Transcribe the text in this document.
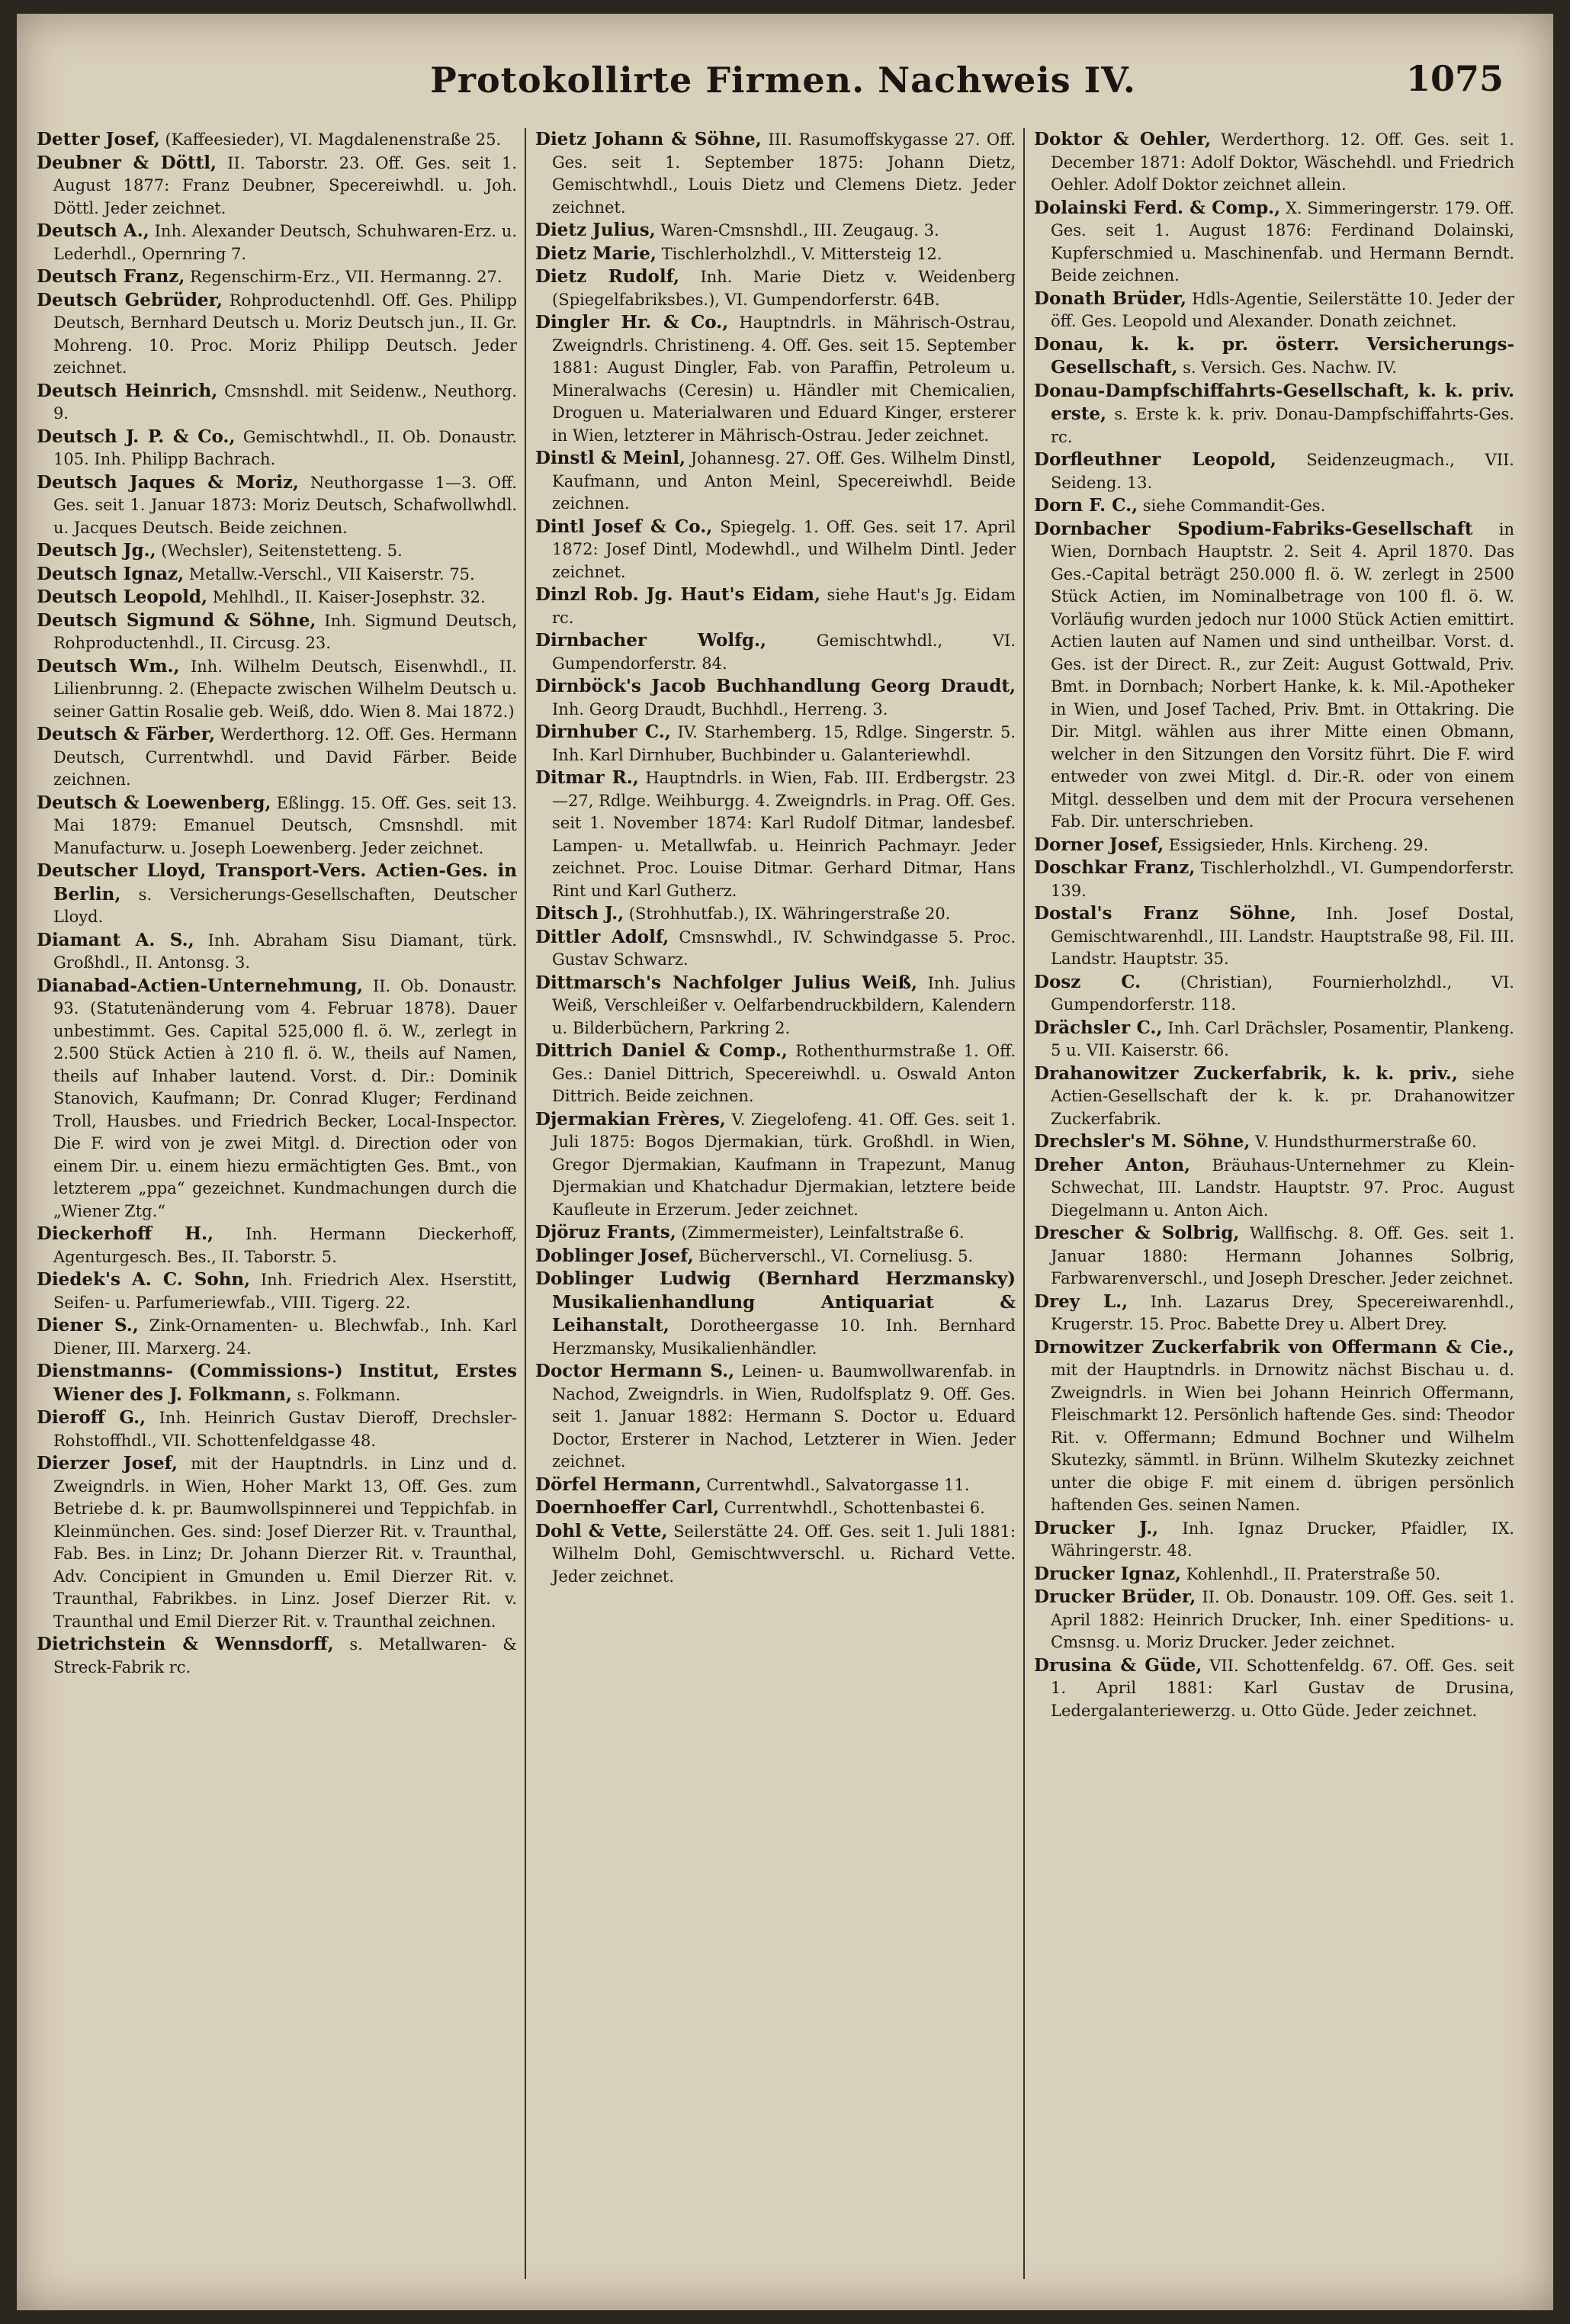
Protokollirte Firmen. Nachweis IV.	1075

Detter Josef, (Kaffeesieder), VI. Magdalenenstraße 25.

Deubner & Döttl, II. Taborstr. 23. Off. Ges. seit 1. August 1877: Franz Deubner, Specereiwhdl. u. Joh. Döttl. Jeder zeichnet.

Deutsch A., Inh. Alexander Deutsch, Schuhwaren-Erz. u. Lederhdl., Opernring 7.

Deutsch Franz, Regenschirm-Erz., VII. Hermanng. 27.

Deutsch Gebrüder, Rohproductenhdl. Off. Ges. Philipp Deutsch, Bernhard Deutsch u. Moriz Deutsch jun., II. Gr. Mohreng. 10. Proc. Moriz Philipp Deutsch. Jeder zeichnet.

Deutsch Heinrich, Cmsnshdl. mit Seidenw., Neuthorg. 9.

Deutsch J. P. & Co., Gemischtwhdl., II. Ob. Donaustr. 105. Inh. Philipp Bachrach.

Deutsch Jaques & Moriz, Neuthorgasse 1—3. Off. Ges. seit 1. Januar 1873: Moriz Deutsch, Schafwollwhdl. u. Jacques Deutsch. Beide zeichnen.

Deutsch Jg., (Wechsler), Seitenstetteng. 5.

Deutsch Ignaz, Metallw.-Verschl., VII Kaiserstr. 75.

Deutsch Leopold, Mehlhdl., II. Kaiser-Josephstr. 32.

Deutsch Sigmund & Söhne, Inh. Sigmund Deutsch, Rohproductenhdl., II. Circusg. 23.

Deutsch Wm., Inh. Wilhelm Deutsch, Eisenwhdl., II. Lilienbrunng. 2. (Ehepacte zwischen Wilhelm Deutsch u. seiner Gattin Rosalie geb. Weiß, ddo. Wien 8. Mai 1872.)

Deutsch & Färber, Werderthorg. 12. Off. Ges. Hermann Deutsch, Currentwhdl. und David Färber. Beide zeichnen.

Deutsch & Loewenberg, Eßlingg. 15. Off. Ges. seit 13. Mai 1879: Emanuel Deutsch, Cmsnshdl. mit Manufacturw. u. Joseph Loewenberg. Jeder zeichnet.

Deutscher Lloyd, Transport-Vers. Actien-Ges. in Berlin, s. Versicherungs-Gesellschaften, Deutscher Lloyd.

Diamant A. S., Inh. Abraham Sisu Diamant, türk. Großhdl., II. Antonsg. 3.

Dianabad-Actien-Unternehmung, II. Ob. Donaustr. 93. (Statutenänderung vom 4. Februar 1878). Dauer unbestimmt. Ges. Capital 525,000 fl. ö. W., zerlegt in 2.500 Stück Actien à 210 fl. ö. W., theils auf Namen, theils auf Inhaber lautend. Vorst. d. Dir.: Dominik Stanovich, Kaufmann; Dr. Conrad Kluger; Ferdinand Troll, Hausbes. und Friedrich Becker, Local-Inspector. Die F. wird von je zwei Mitgl. d. Direction oder von einem Dir. u. einem hiezu ermächtigten Ges. Bmt., von letzterem „ppa“ gezeichnet. Kundmachungen durch die „Wiener Ztg.“

Dieckerhoff H., Inh. Hermann Dieckerhoff, Agenturgesch. Bes., II. Taborstr. 5.

Diedek's A. C. Sohn, Inh. Friedrich Alex. Hserstitt, Seifen- u. Parfumeriewfab., VIII. Tigerg. 22.

Diener S., Zink-Ornamenten- u. Blechwfab., Inh. Karl Diener, III. Marxerg. 24.

Dienstmanns- (Commissions-) Institut, Erstes Wiener des J. Folkmann, s. Folkmann.

Dieroff G., Inh. Heinrich Gustav Dieroff, Drechsler-Rohstoffhdl., VII. Schottenfeldgasse 48.

Dierzer Josef, mit der Hauptndrls. in Linz und d. Zweigndrls. in Wien, Hoher Markt 13, Off. Ges. zum Betriebe d. k. pr. Baumwollspinnerei und Teppichfab. in Kleinmünchen. Ges. sind: Josef Dierzer Rit. v. Traunthal, Fab. Bes. in Linz; Dr. Johann Dierzer Rit. v. Traunthal, Adv. Concipient in Gmunden u. Emil Dierzer Rit. v. Traunthal, Fabrikbes. in Linz. Josef Dierzer Rit. v. Traunthal und Emil Dierzer Rit. v. Traunthal zeichnen.

Dietrichstein & Wennsdorff, s. Metallwaren- & Streck-Fabrik rc.

Dietz Johann & Söhne, III. Rasumoffskygasse 27. Off. Ges. seit 1. September 1875: Johann Dietz, Gemischtwhdl., Louis Dietz und Clemens Dietz. Jeder zeichnet.

Dietz Julius, Waren-Cmsnshdl., III. Zeugaug. 3.

Dietz Marie, Tischlerholzhdl., V. Mittersteig 12.

Dietz Rudolf, Inh. Marie Dietz v. Weidenberg (Spiegelfabriksbes.), VI. Gumpendorferstr. 64B.

Dingler Hr. & Co., Hauptndrls. in Mährisch-Ostrau, Zweigndrls. Christineng. 4. Off. Ges. seit 15. September 1881: August Dingler, Fab. von Paraffin, Petroleum u. Mineralwachs (Ceresin) u. Händler mit Chemicalien, Droguen u. Materialwaren und Eduard Kinger, ersterer in Wien, letzterer in Mährisch-Ostrau. Jeder zeichnet.

Dinstl & Meinl, Johannesg. 27. Off. Ges. Wilhelm Dinstl, Kaufmann, und Anton Meinl, Specereiwhdl. Beide zeichnen.

Dintl Josef & Co., Spiegelg. 1. Off. Ges. seit 17. April 1872: Josef Dintl, Modewhdl., und Wilhelm Dintl. Jeder zeichnet.

Dinzl Rob. Jg. Haut's Eidam, siehe Haut's Jg. Eidam rc.

Dirnbacher Wolfg.,	Gemischtwhdl., VI. Gumpendorferstr. 84.

Dirnböck's Jacob Buchhandlung Georg Draudt, Inh. Georg Draudt, Buchhdl., Herreng. 3.

Dirnhuber C., IV. Starhemberg. 15, Rdlge. Singerstr. 5. Inh. Karl Dirnhuber, Buchbinder u. Galanteriewhdl.

Ditmar R., Hauptndrls. in Wien, Fab. III. Erdbergstr. 23—27, Rdlge. Weihburgg. 4. Zweigndrls. in Prag. Off. Ges. seit 1. November 1874: Karl Rudolf Ditmar, landesbef. Lampen- u. Metallwfab. u. Heinrich Pachmayr. Jeder zeichnet. Proc. Louise Ditmar. Gerhard Ditmar, Hans Rint und Karl Gutherz.

Ditsch J., (Strohhutfab.), IX. Währingerstraße 20.

Dittler Adolf, Cmsnswhdl., IV. Schwindgasse 5. Proc. Gustav Schwarz.

Dittmarsch's Nachfolger Julius Weiß, Inh. Julius Weiß, Verschleißer v. Oelfarbendruckbildern, Kalendern u. Bilderbüchern, Parkring 2.

Dittrich Daniel & Comp., Rothenthurmstraße 1. Off. Ges.: Daniel Dittrich, Specereiwhdl. u. Oswald Anton Dittrich. Beide zeichnen.

Djermakian Frères, V. Ziegelofeng. 41. Off. Ges. seit 1. Juli 1875: Bogos Djermakian, türk. Großhdl. in Wien, Gregor Djermakian, Kaufmann in Trapezunt, Manug Djermakian und Khatchadur Djermakian, letztere beide Kaufleute in Erzerum. Jeder zeichnet.

Djöruz Frants, (Zimmermeister), Leinfaltstraße 6.

Doblinger Josef, Bücherverschl., VI. Corneliusg. 5.

Doblinger Ludwig (Bernhard Herzmansky) Musikalienhandlung Antiquariat & Leihanstalt, Dorotheergasse 10. Inh. Bernhard Herzmansky, Musikalienhändler.

Doctor Hermann S., Leinen- u. Baumwollwarenfab. in Nachod, Zweigndrls. in Wien, Rudolfsplatz 9. Off. Ges. seit 1. Januar 1882: Hermann S. Doctor u. Eduard Doctor, Ersterer in Nachod, Letzterer in Wien. Jeder zeichnet.

Dörfel Hermann, Currentwhdl., Salvatorgasse 11.

Doernhoeffer Carl, Currentwhdl., Schottenbastei 6.

Dohl & Vette, Seilerstätte 24. Off. Ges. seit 1. Juli 1881: Wilhelm Dohl, Gemischtwverschl. u. Richard Vette. Jeder zeichnet.

Doktor & Oehler, Werderthorg. 12. Off. Ges. seit 1. December 1871: Adolf Doktor, Wäschehdl. und Friedrich Oehler. Adolf Doktor zeichnet allein.

Dolainski Ferd. & Comp., X. Simmeringerstr. 179. Off. Ges. seit 1. August 1876: Ferdinand Dolainski, Kupferschmied u. Maschinenfab. und Hermann Berndt. Beide zeichnen.

Donath Brüder, Hdls-Agentie, Seilerstätte 10. Jeder der öff. Ges. Leopold und Alexander. Donath zeichnet.

Donau, k. k. pr. österr. Versicherungs-Gesellschaft, s. Versich. Ges. Nachw. IV.

Donau-Dampfschiffahrts-Gesellschaft, k. k. priv. erste, s. Erste k. k. priv. Donau-Dampfschiffahrts-Ges. rc.

Dorfleuthner Leopold, Seidenzeugmach., VII. Seideng. 13.

Dorn F. C., siehe Commandit-Ges.

Dornbacher Spodium-Fabriks-Gesellschaft in Wien, Dornbach Hauptstr. 2. Seit 4. April 1870. Das Ges.-Capital beträgt 250.000 fl. ö. W. zerlegt in 2500 Stück Actien, im Nominalbetrage von 100 fl. ö. W. Vorläufig wurden jedoch nur 1000 Stück Actien emittirt. Actien lauten auf Namen und sind untheilbar. Vorst. d. Ges. ist der Direct. R., zur Zeit: August Gottwald, Priv. Bmt. in Dornbach; Norbert Hanke, k. k. Mil.-Apotheker in Wien, und Josef Tached, Priv. Bmt. in Ottakring. Die Dir. Mitgl. wählen aus ihrer Mitte einen Obmann, welcher in den Sitzungen den Vorsitz führt. Die F. wird entweder von zwei Mitgl. d. Dir.-R. oder von einem Mitgl. desselben und dem mit der Procura versehenen Fab. Dir. unterschrieben.

Dorner Josef, Essigsieder, Hnls. Kircheng. 29.

Doschkar Franz, Tischlerholzhdl., VI. Gumpendorferstr. 139.

Dostal's Franz Söhne, Inh. Josef Dostal, Gemischtwarenhdl., III. Landstr. Hauptstraße 98, Fil. III. Landstr. Hauptstr. 35.

Dosz C. (Christian), Fournierholzhdl., VI. Gumpendorferstr. 118.

Drächsler C., Inh. Carl Drächsler, Posamentir, Plankeng. 5 u. VII. Kaiserstr. 66.

Drahanowitzer Zuckerfabrik, k. k. priv., siehe Actien-Gesellschaft der k. k. pr. Drahanowitzer Zuckerfabrik.

Drechsler's M. Söhne, V. Hundsthurmerstraße 60.

Dreher Anton, Bräuhaus-Unternehmer zu Klein-Schwechat, III. Landstr. Hauptstr. 97. Proc. August Diegelmann u. Anton Aich.

Drescher & Solbrig, Wallfischg. 8. Off. Ges. seit 1. Januar 1880: Hermann Johannes Solbrig, Farbwarenverschl., und Joseph Drescher. Jeder zeichnet.

Drey L., Inh. Lazarus Drey, Specereiwarenhdl., Krugerstr. 15. Proc. Babette Drey u. Albert Drey.

Drnowitzer Zuckerfabrik von Offermann & Cie., mit der Hauptndrls. in Drnowitz nächst Bischau u. d. Zweigndrls. in Wien bei Johann Heinrich Offermann, Fleischmarkt 12. Persönlich haftende Ges. sind: Theodor Rit. v. Offermann; Edmund Bochner und Wilhelm Skutezky, sämmtl. in Brünn. Wilhelm Skutezky zeichnet unter die obige F. mit einem d. übrigen persönlich haftenden Ges. seinen Namen.

Drucker J., Inh. Ignaz Drucker, Pfaidler, IX. Währingerstr. 48.

Drucker Ignaz, Kohlenhdl., II. Praterstraße 50.

Drucker Brüder, II. Ob. Donaustr. 109. Off. Ges. seit 1. April 1882: Heinrich Drucker, Inh. einer Speditions- u. Cmsnsg. u. Moriz Drucker. Jeder zeichnet.

Drusina & Güde, VII. Schottenfeldg. 67. Off. Ges. seit 1. April 1881: Karl Gustav de Drusina, Ledergalanteriewerzg. u. Otto Güde. Jeder zeichnet.
